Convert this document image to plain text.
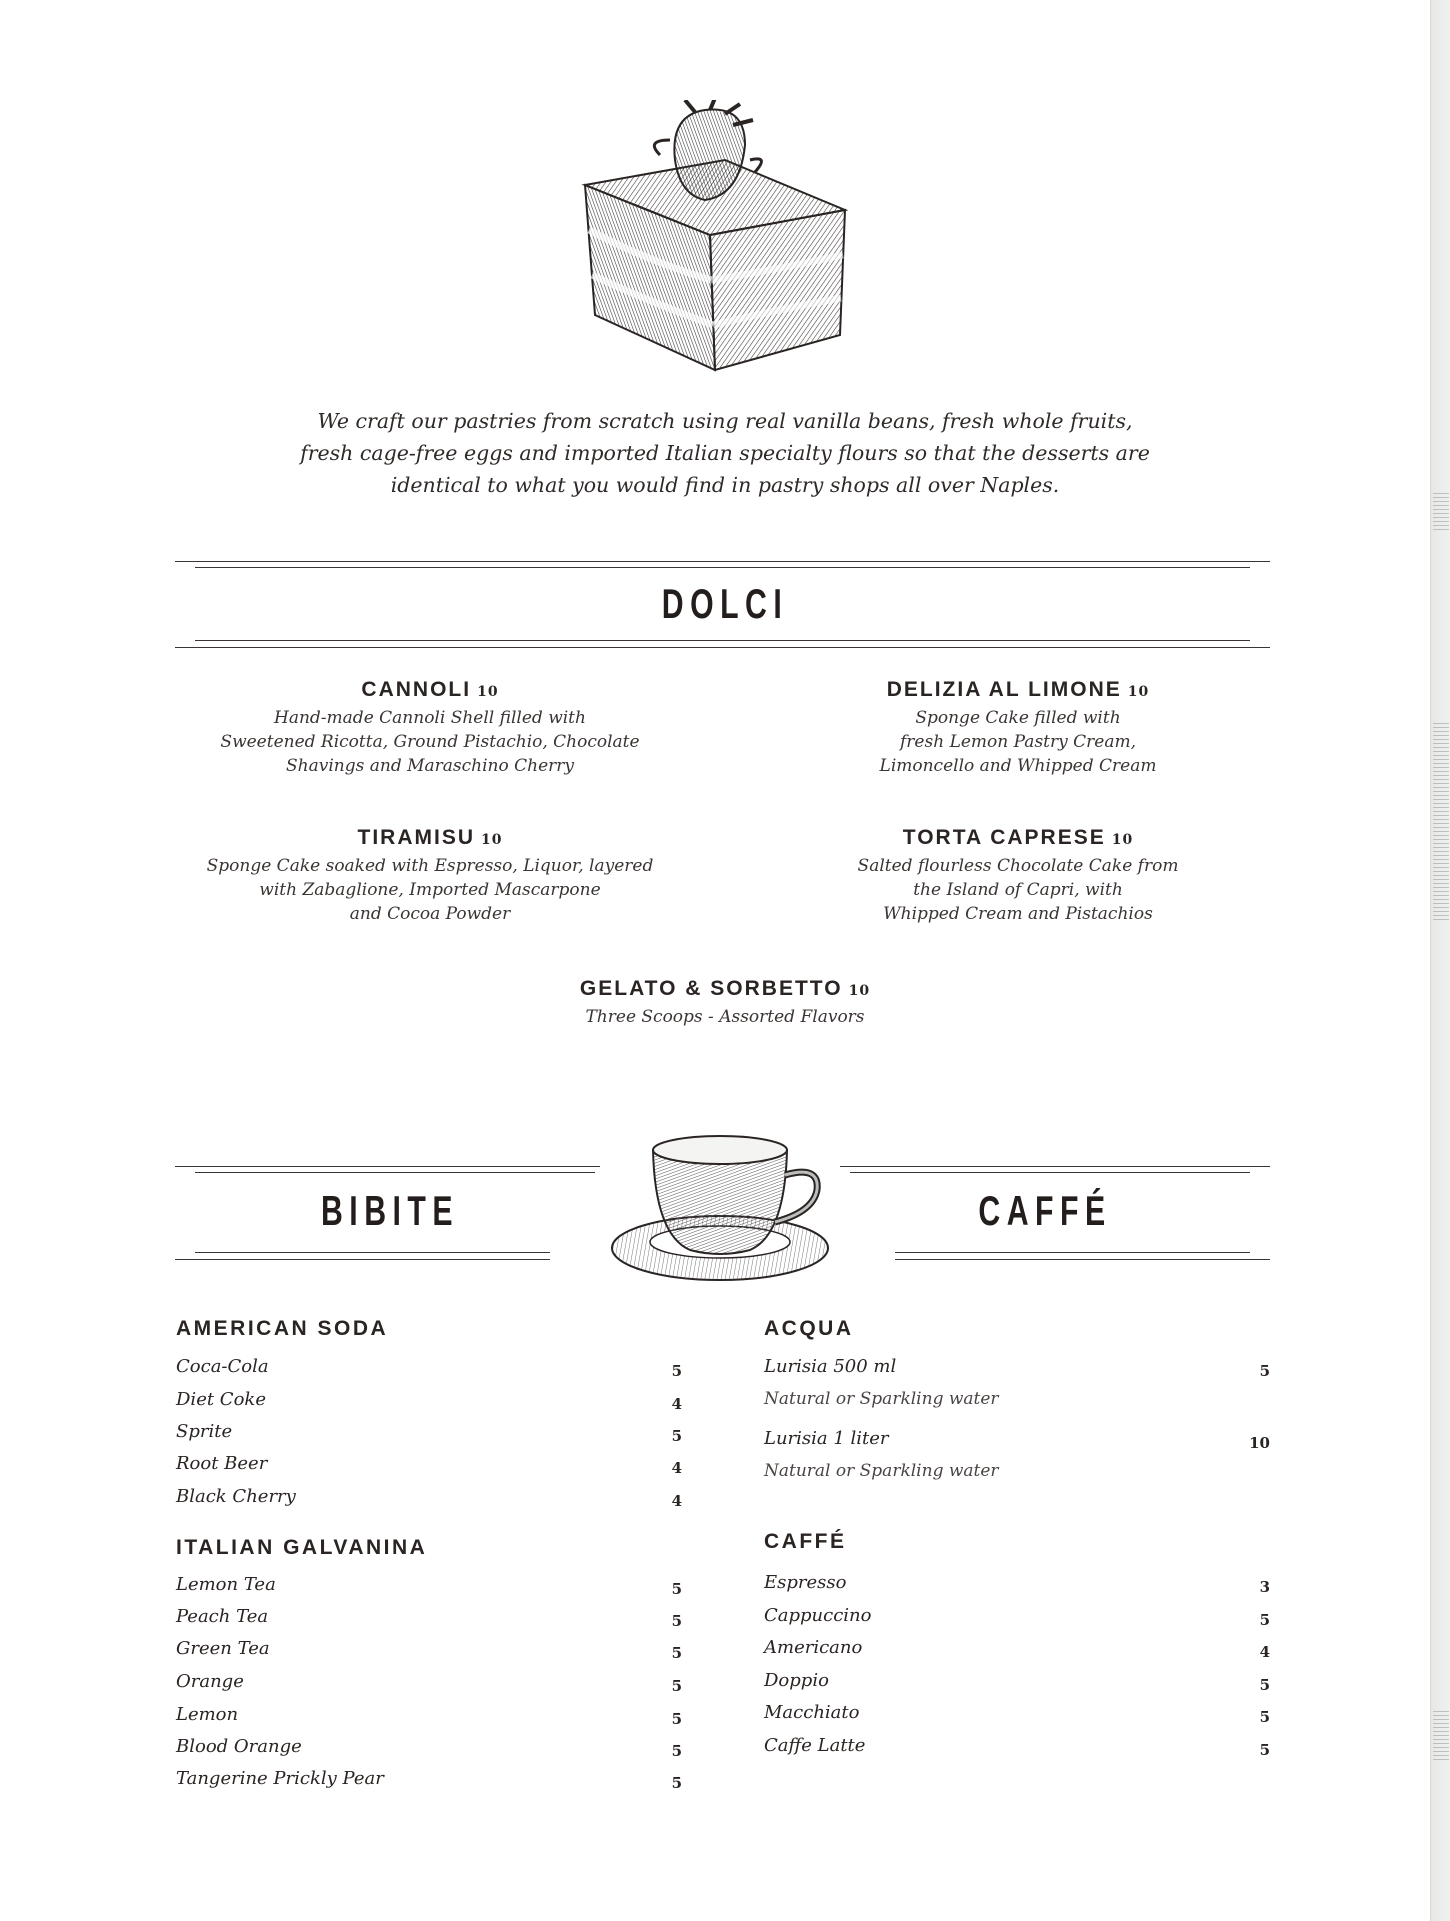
We craft our pastries from scratch using real vanilla beans, fresh whole fruits, fresh cage-free eggs and imported Italian specialty flours so that the desserts are identical to what you would find in pastry shops all over Naples.
DOLCI
CANNOLI 10
Hand-made Cannoli Shell filled with
Sweetened Ricotta, Ground Pistachio, Chocolate
Shavings and Maraschino Cherry
DELIZIA AL LIMONE 10
Sponge Cake filled with
fresh Lemon Pastry Cream,
Limoncello and Whipped Cream
TIRAMISU 10
Sponge Cake soaked with Espresso, Liquor, layered
with Zabaglione, Imported Mascarpone
and Cocoa Powder
TORTA CAPRESE 10
Salted flourless Chocolate Cake from
the Island of Capri, with
Whipped Cream and Pistachios
GELATO & SORBETTO 10
Three Scoops - Assorted Flavors
BIBITE	CAFFÉ
AMERICAN SODA
Coca-Cola	5
Diet Coke	4
Sprite	5
Root Beer	4
Black Cherry	4
ITALIAN GALVANINA
Lemon Tea	5
Peach Tea	5
Green Tea	5
Orange	5
Lemon	5
Blood Orange	5
Tangerine Prickly Pear	5
ACQUA
Lurisia 500 ml	5
Natural or Sparkling water
Lurisia 1 liter	10
Natural or Sparkling water
CAFFÉ
Espresso	3
Cappuccino	5
Americano	4
Doppio	5
Macchiato	5
Caffe Latte	5
